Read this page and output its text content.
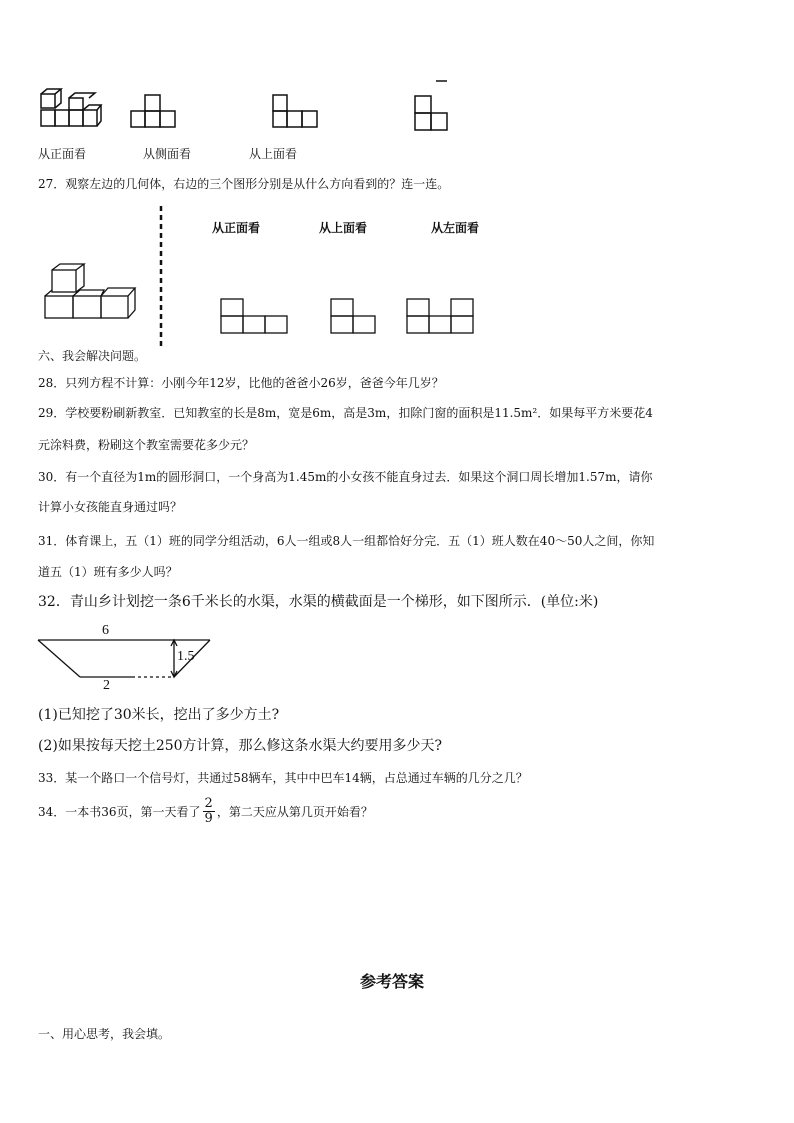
从正面看	从侧面看	从上面看
27．观察左边的几何体，右边的三个图形分别是从什么方向看到的？连一连。
从正面看	从上面看	从左面看
六、我会解决问题。
28．只列方程不计算：小刚今年12岁，比他的爸爸小26岁，爸爸今年几岁？
29．学校要粉刷新教室．已知教室的长是8m，宽是6m，高是3m，扣除门窗的面积是11.5m²．如果每平方米要花4
元涂料费，粉刷这个教室需要花多少元？
30．有一个直径为1m的圆形洞口，一个身高为1.45m的小女孩不能直身过去．如果这个洞口周长增加1.57m，请你
计算小女孩能直身通过吗？
31．体育课上，五（1）班的同学分组活动，6人一组或8人一组都恰好分完．五（1）班人数在40～50人之间，你知
道五（1）班有多少人吗？
32．青山乡计划挖一条6千米长的水渠，水渠的横截面是一个梯形，如下图所示．(单位:米)
6
2
1.5
(1)已知挖了30米长，挖出了多少方土?
(2)如果按每天挖土250方计算，那么修这条水渠大约要用多少天?
33．某一个路口一个信号灯，共通过58辆车，其中中巴车14辆，占总通过车辆的几分之几？
34．一本书36页，第一天看了 $\frac{2}{9}$ ，第二天应从第几页开始看？
参考答案
一、用心思考，我会填。
